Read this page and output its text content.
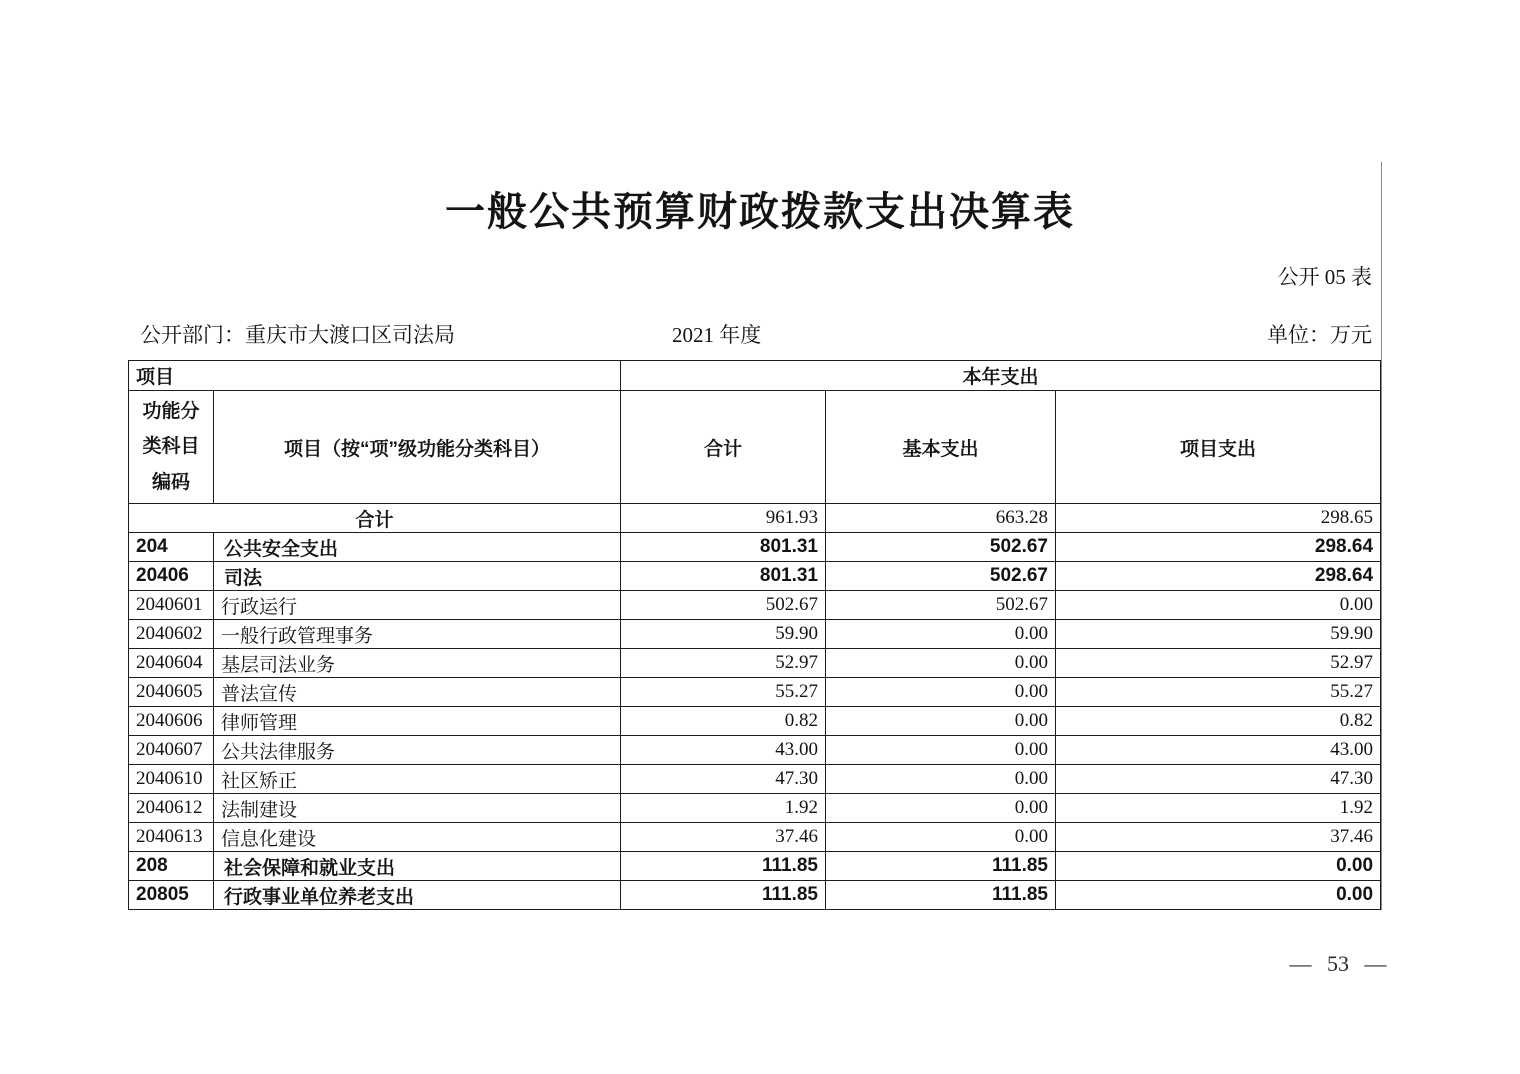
一般公共预算财政拨款支出决算表
公开 05 表
公开部门：重庆市大渡口区司法局	2021 年度	单位：万元
项目		本年支出		

功能分
类科目
编码	项目（按“项”级功能分类科目）	合计	基本支出	项目支出
合计		961.93	663.28	298.65
204	公共安全支出	801.31	502.67	298.64
20406	司法	801.31	502.67	298.64
2040601	行政运行	502.67	502.67	0.00
2040602	一般行政管理事务	59.90	0.00	59.90
2040604	基层司法业务	52.97	0.00	52.97
2040605	普法宣传	55.27	0.00	55.27
2040606	律师管理	0.82	0.00	0.82
2040607	公共法律服务	43.00	0.00	43.00
2040610	社区矫正	47.30	0.00	47.30
2040612	法制建设	1.92	0.00	1.92
2040613	信息化建设	37.46	0.00	37.46
208	社会保障和就业支出	111.85	111.85	0.00
20805	行政事业单位养老支出	111.85	111.85	0.00
— 53 —
